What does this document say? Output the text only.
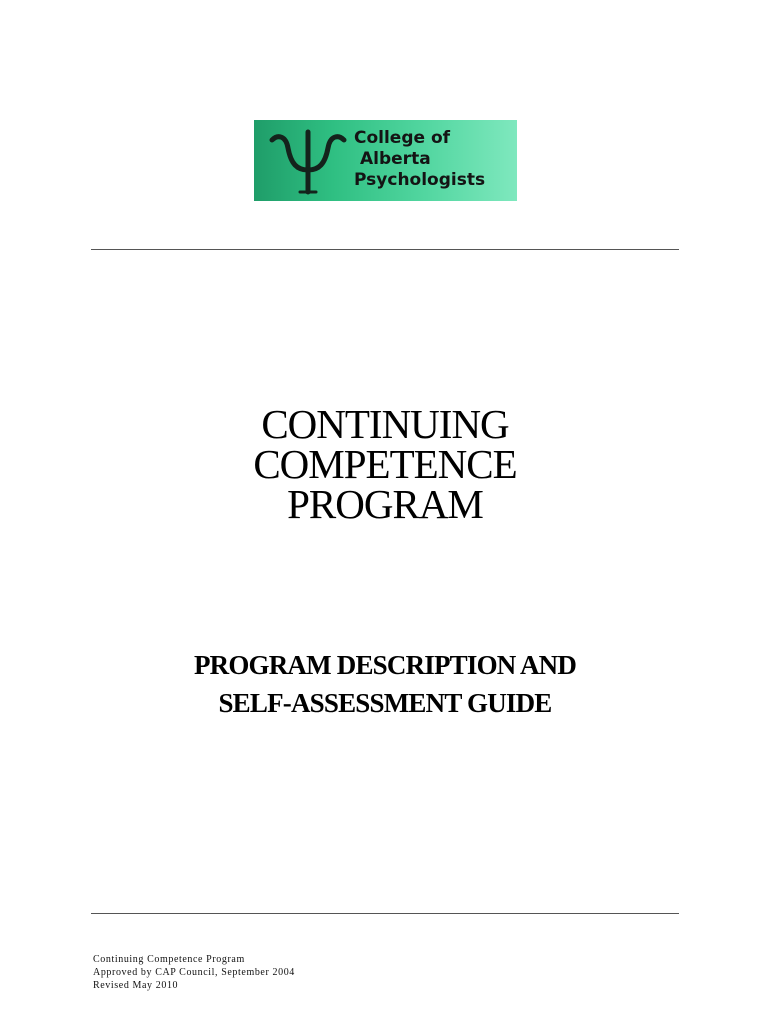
College of
Alberta
Psychologists
CONTINUING
COMPETENCE
PROGRAM
PROGRAM DESCRIPTION AND
SELF-ASSESSMENT GUIDE
Continuing Competence Program
Approved by CAP Council, September 2004
Revised May 2010
